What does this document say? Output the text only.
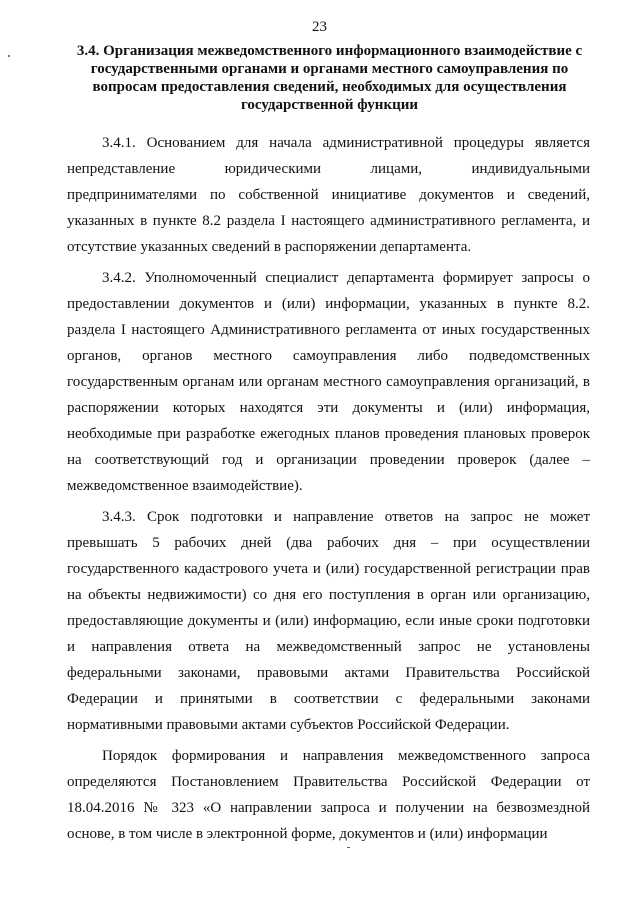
23
3.4. Организация межведомственного информационного взаимодействие с государственными органами и органами местного самоуправления по вопросам предоставления сведений, необходимых для осуществления государственной функции

3.4.1. Основанием для начала административной процедуры является
непредставление юридическими лицами, индивидуальными
предпринимателями по собственной инициативе документов и сведений,
указанных в пункте 8.2 раздела I настоящего административного регламента, и
отсутствие указанных сведений в распоряжении департамента.

3.4.2. Уполномоченный специалист департамента формирует запросы о предоставлении документов и (или) информации, указанных в пункте 8.2. раздела I настоящего Административного регламента от иных государственных органов, органов местного самоуправления либо подведомственных государственным органам или органам местного самоуправления организаций, в распоряжении которых находятся эти документы и (или) информация, необходимые при разработке ежегодных планов проведения плановых проверок на соответствующий год и организации проведении проверок (далее – межведомственное взаимодействие).

3.4.3. Срок подготовки и направление ответов на запрос не может превышать 5 рабочих дней (два рабочих дня – при осуществлении государственного кадастрового учета и (или) государственной регистрации прав на объекты недвижимости) со дня его поступления в орган или организацию, предоставляющие документы и (или) информацию, если иные сроки подготовки и направления ответа на межведомственный запрос не установлены федеральными законами, правовыми актами Правительства Российской Федерации и принятыми в соответствии с федеральными законами нормативными правовыми актами субъектов Российской Федерации.

Порядок формирования и направления межведомственного запроса определяются Постановлением Правительства Российской Федерации от 18.04.2016 № 323 «О направлении запроса и получении на безвозмездной основе, в том числе в электронной форме, документов и (или) информации
